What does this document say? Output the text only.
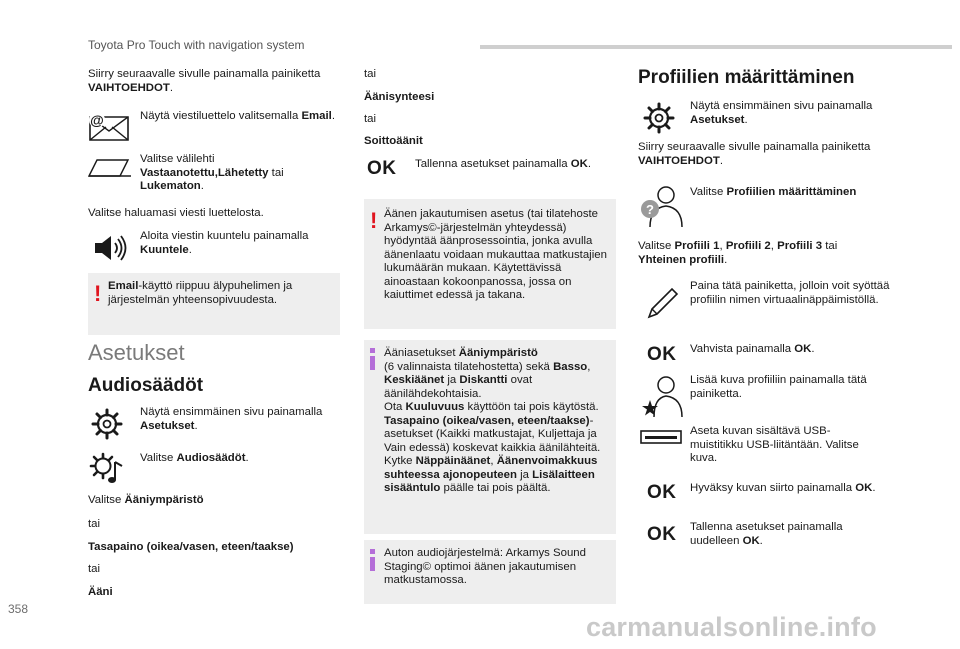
Toyota Pro Touch with navigation system

Siirry seuraavalle sivulle painamalla painiketta VAIHTOEHDOT.

@	Näytä viestiluettelo valitsemalla Email.

Valitse välilehti
Vastaanotettu,Lähetetty tai
Lukematon.

Valitse haluamasi viesti luettelosta.

Aloita viestin kuuntelu painamalla
Kuuntele.

! Email-käyttö riippuu älypuhelimen ja järjestelmän yhteensopivuudesta.

Asetukset
Audiosäädöt

Näytä ensimmäinen sivu painamalla
Asetukset.

Valitse Audiosäädöt.

Valitse Ääniympäristö

tai

Tasapaino (oikea/vasen, eteen/taakse)

tai

Ääni

tai

Äänisynteesi

tai

Soittoäänit

OK Tallenna asetukset painamalla OK.

! Äänen jakautumisen asetus (tai tilatehoste Arkamys©-järjestelmän yhteydessä) hyödyntää äänprosessointia, jonka avulla äänenlaatu voidaan mukauttaa matkustajien lukumäärän mukaan. Käytettävissä ainoastaan kokoonpanossa, jossa on kaiuttimet edessä ja takana.

Ääniasetukset Ääniympäristö
(6 valinnaista tilatehostetta) sekä Basso, Keskiäänet ja Diskantti ovat äänilähdekohtaisia.
Ota Kuuluvuus käyttöön tai pois käytöstä.
Tasapaino (oikea/vasen, eteen/taakse)-asetukset (Kaikki matkustajat, Kuljettaja ja Vain edessä) koskevat kaikkia äänilähteitä.
Kytke Näppäinäänet, Äänenvoimakkuus suhteessa ajonopeuteen ja Lisälaitteen sisääntulo päälle tai pois päältä.

Auton audiojärjestelmä: Arkamys Sound Staging© optimoi äänen jakautumisen matkustamossa.

Profiilien määrittäminen

Näytä ensimmäinen sivu painamalla
Asetukset.

Siirry seuraavalle sivulle painamalla painiketta VAIHTOEHDOT.

?

Valitse Profiilien määrittäminen

Valitse Profiili 1, Profiili 2, Profiili 3 tai
Yhteinen profiili.

Paina tätä painiketta, jolloin voit syöttää profiilin nimen virtuaalinäppäimistöllä.

OK Vahvista painamalla OK.

Lisää kuva profiiliin painamalla tätä painiketta.

Aseta kuvan sisältävä USB-muistitikku USB-liitäntään. Valitse kuva.

OK Hyväksy kuvan siirto painamalla OK.

OK Tallenna asetukset painamalla uudelleen OK.

358
carmanualsonline.info
